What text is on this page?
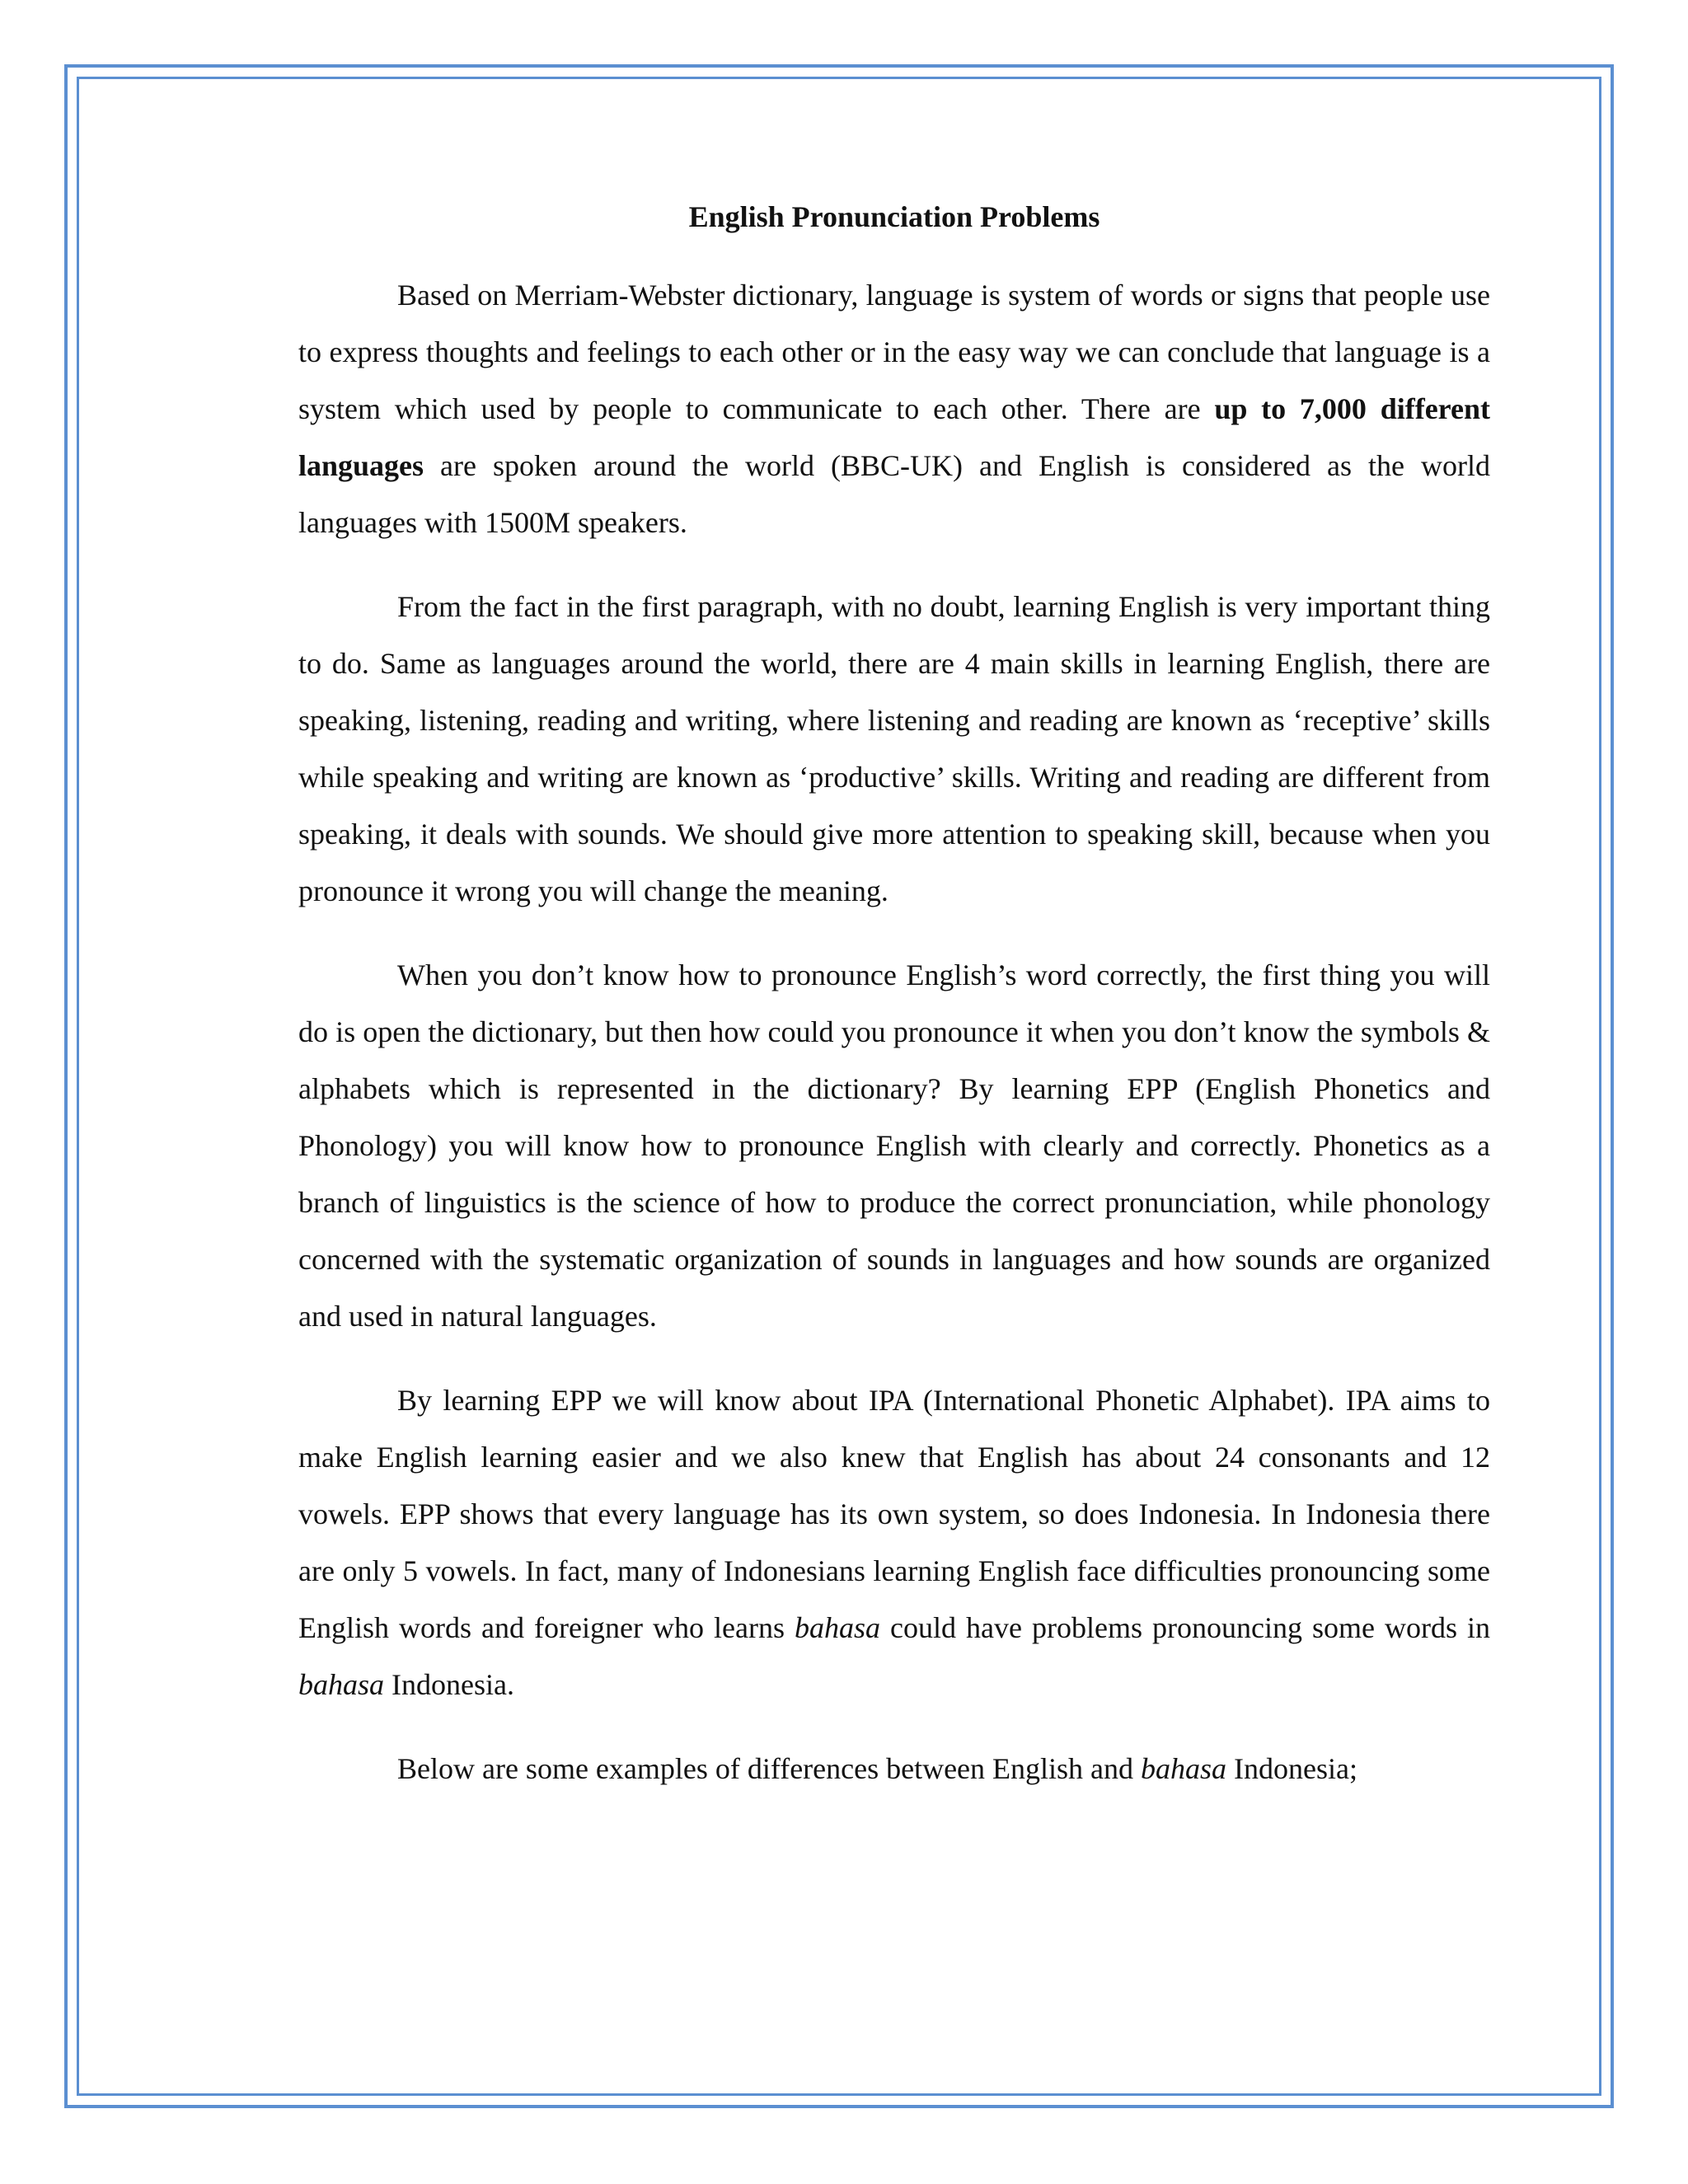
English Pronunciation Problems

Based on Merriam-Webster dictionary, language is system of words or signs that people use to express thoughts and feelings to each other or in the easy way we can conclude that language is a system which used by people to communicate to each other. There are up to 7,000 different languages are spoken around the world (BBC-UK) and English is considered as the world languages with 1500M speakers.

From the fact in the first paragraph, with no doubt, learning English is very important thing to do. Same as languages around the world, there are 4 main skills in learning English, there are speaking, listening, reading and writing, where listening and reading are known as ‘receptive’ skills while speaking and writing are known as ‘productive’ skills. Writing and reading are different from speaking, it deals with sounds. We should give more attention to speaking skill, because when you pronounce it wrong you will change the meaning.

When you don’t know how to pronounce English’s word correctly, the first thing you will do is open the dictionary, but then how could you pronounce it when you don’t know the symbols & alphabets which is represented in the dictionary? By learning EPP (English Phonetics and Phonology) you will know how to pronounce English with clearly and correctly. Phonetics as a branch of linguistics is the science of how to produce the correct pronunciation, while phonology concerned with the systematic organization of sounds in languages and how sounds are organized and used in natural languages.

By learning EPP we will know about IPA (International Phonetic Alphabet). IPA aims to make English learning easier and we also knew that English has about 24 consonants and 12 vowels. EPP shows that every language has its own system, so does Indonesia. In Indonesia there are only 5 vowels. In fact, many of Indonesians learning English face difficulties pronouncing some English words and foreigner who learns bahasa could have problems pronouncing some words in bahasa Indonesia.

Below are some examples of differences between English and bahasa Indonesia;
